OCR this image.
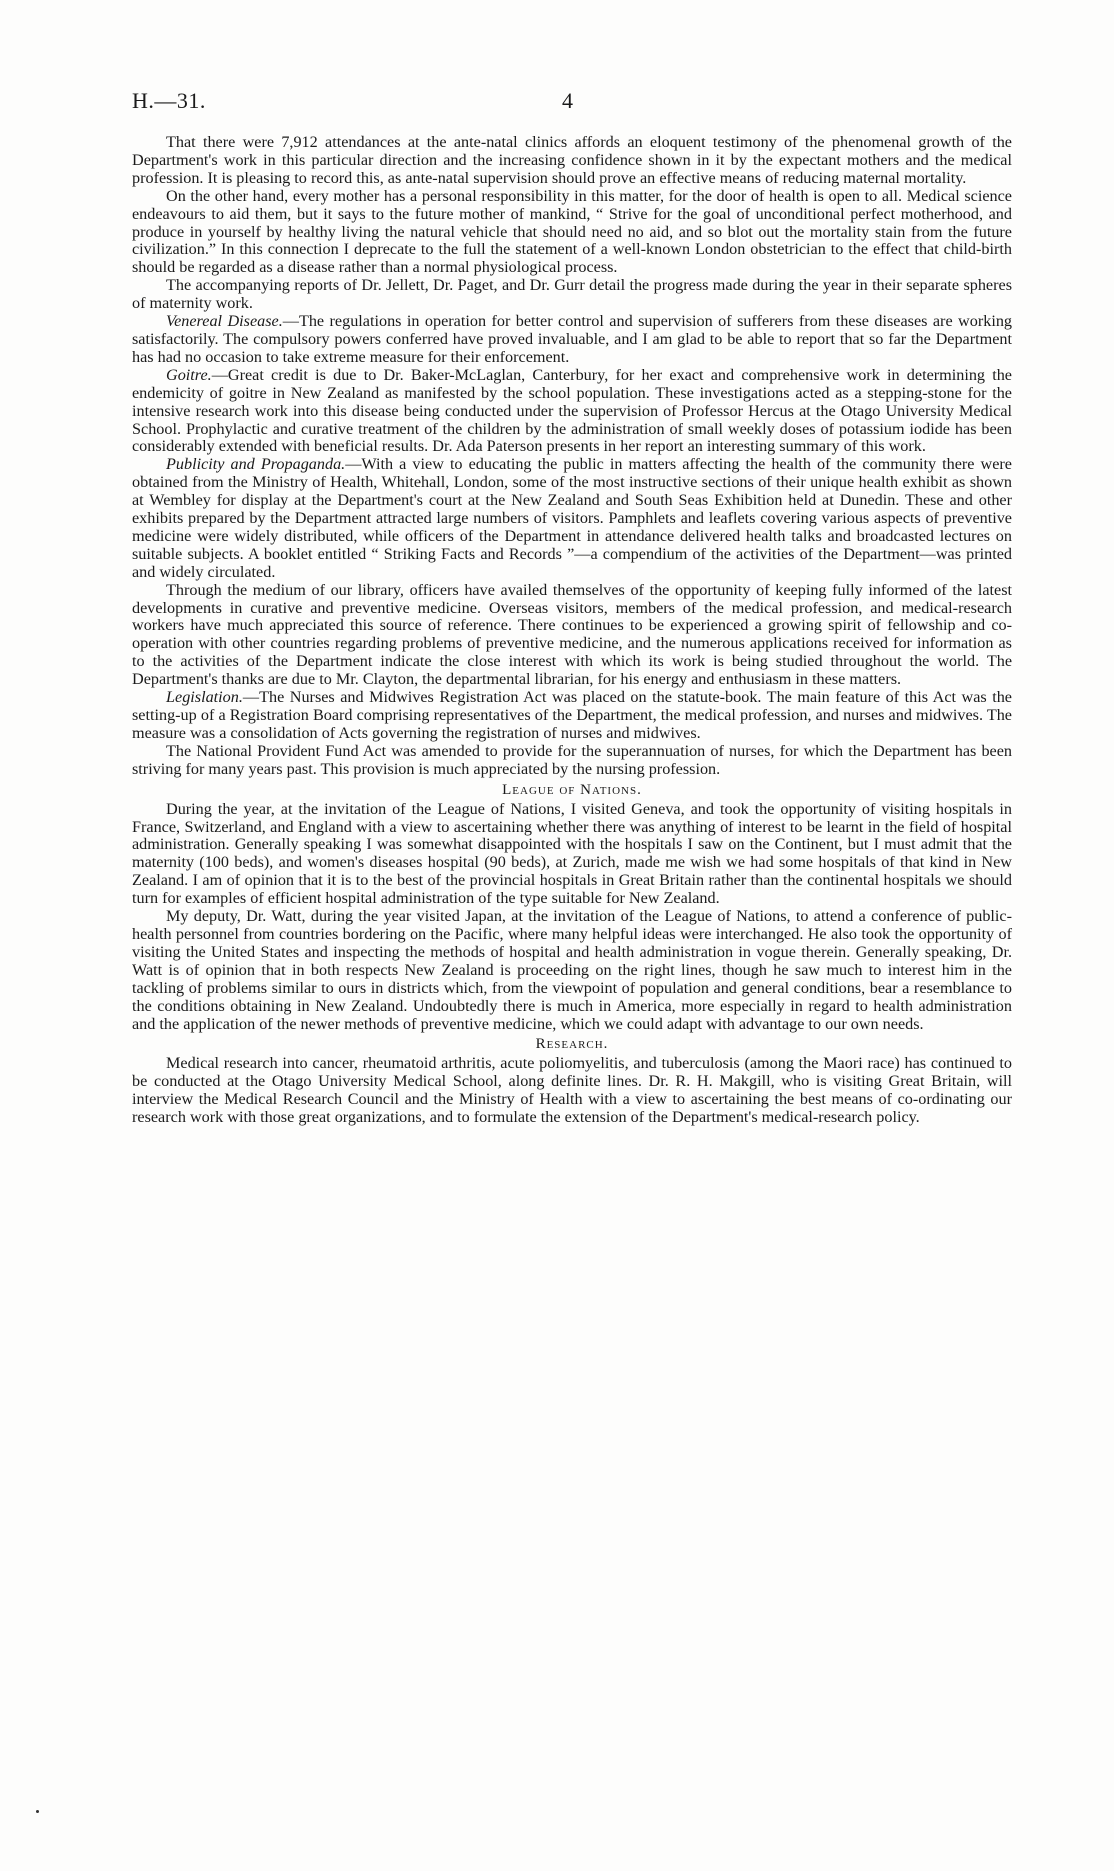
H.—31.	4

That there were 7,912 attendances at the ante-natal clinics affords an eloquent testimony of the phenomenal growth of the Department's work in this particular direction and the increasing confidence shown in it by the expectant mothers and the medical profession. It is pleasing to record this, as ante-natal supervision should prove an effective means of reducing maternal mortality.

On the other hand, every mother has a personal responsibility in this matter, for the door of health is open to all. Medical science endeavours to aid them, but it says to the future mother of mankind, “ Strive for the goal of unconditional perfect motherhood, and produce in yourself by healthy living the natural vehicle that should need no aid, and so blot out the mortality stain from the future civilization.” In this connection I deprecate to the full the statement of a well-known London obstetrician to the effect that child-birth should be regarded as a disease rather than a normal physiological process.

The accompanying reports of Dr. Jellett, Dr. Paget, and Dr. Gurr detail the progress made during the year in their separate spheres of maternity work.

Venereal Disease.—The regulations in operation for better control and supervision of sufferers from these diseases are working satisfactorily. The compulsory powers conferred have proved invaluable, and I am glad to be able to report that so far the Department has had no occasion to take extreme measure for their enforcement.

Goitre.—Great credit is due to Dr. Baker-McLaglan, Canterbury, for her exact and comprehensive work in determining the endemicity of goitre in New Zealand as manifested by the school population. These investigations acted as a stepping-stone for the intensive research work into this disease being conducted under the supervision of Professor Hercus at the Otago University Medical School. Prophylactic and curative treatment of the children by the administration of small weekly doses of potassium iodide has been considerably extended with beneficial results. Dr. Ada Paterson presents in her report an interesting summary of this work.

Publicity and Propaganda.—With a view to educating the public in matters affecting the health of the community there were obtained from the Ministry of Health, Whitehall, London, some of the most instructive sections of their unique health exhibit as shown at Wembley for display at the Department's court at the New Zealand and South Seas Exhibition held at Dunedin. These and other exhibits prepared by the Department attracted large numbers of visitors. Pamphlets and leaflets covering various aspects of preventive medicine were widely distributed, while officers of the Department in attendance delivered health talks and broadcasted lectures on suitable subjects. A booklet entitled “ Striking Facts and Records ”—a compendium of the activities of the Department—was printed and widely circulated.

Through the medium of our library, officers have availed themselves of the opportunity of keeping fully informed of the latest developments in curative and preventive medicine. Overseas visitors, members of the medical profession, and medical-research workers have much appreciated this source of reference. There continues to be experienced a growing spirit of fellowship and co-operation with other countries regarding problems of preventive medicine, and the numerous applications received for information as to the activities of the Department indicate the close interest with which its work is being studied throughout the world. The Department's thanks are due to Mr. Clayton, the departmental librarian, for his energy and enthusiasm in these matters.

Legislation.—The Nurses and Midwives Registration Act was placed on the statute-book. The main feature of this Act was the setting-up of a Registration Board comprising representatives of the Department, the medical profession, and nurses and midwives. The measure was a consolidation of Acts governing the registration of nurses and midwives.

The National Provident Fund Act was amended to provide for the superannuation of nurses, for which the Department has been striving for many years past. This provision is much appreciated by the nursing profession.

League of Nations.

During the year, at the invitation of the League of Nations, I visited Geneva, and took the opportunity of visiting hospitals in France, Switzerland, and England with a view to ascertaining whether there was anything of interest to be learnt in the field of hospital administration. Generally speaking I was somewhat disappointed with the hospitals I saw on the Continent, but I must admit that the maternity (100 beds), and women's diseases hospital (90 beds), at Zurich, made me wish we had some hospitals of that kind in New Zealand. I am of opinion that it is to the best of the provincial hospitals in Great Britain rather than the continental hospitals we should turn for examples of efficient hospital administration of the type suitable for New Zealand.

My deputy, Dr. Watt, during the year visited Japan, at the invitation of the League of Nations, to attend a conference of public-health personnel from countries bordering on the Pacific, where many helpful ideas were interchanged. He also took the opportunity of visiting the United States and inspecting the methods of hospital and health administration in vogue therein. Generally speaking, Dr. Watt is of opinion that in both respects New Zealand is proceeding on the right lines, though he saw much to interest him in the tackling of problems similar to ours in districts which, from the viewpoint of population and general conditions, bear a resemblance to the conditions obtaining in New Zealand. Undoubtedly there is much in America, more especially in regard to health administration and the application of the newer methods of preventive medicine, which we could adapt with advantage to our own needs.

Research.

Medical research into cancer, rheumatoid arthritis, acute poliomyelitis, and tuberculosis (among the Maori race) has continued to be conducted at the Otago University Medical School, along definite lines. Dr. R. H. Makgill, who is visiting Great Britain, will interview the Medical Research Council and the Ministry of Health with a view to ascertaining the best means of co-ordinating our research work with those great organizations, and to formulate the extension of the Department's medical-research policy.
